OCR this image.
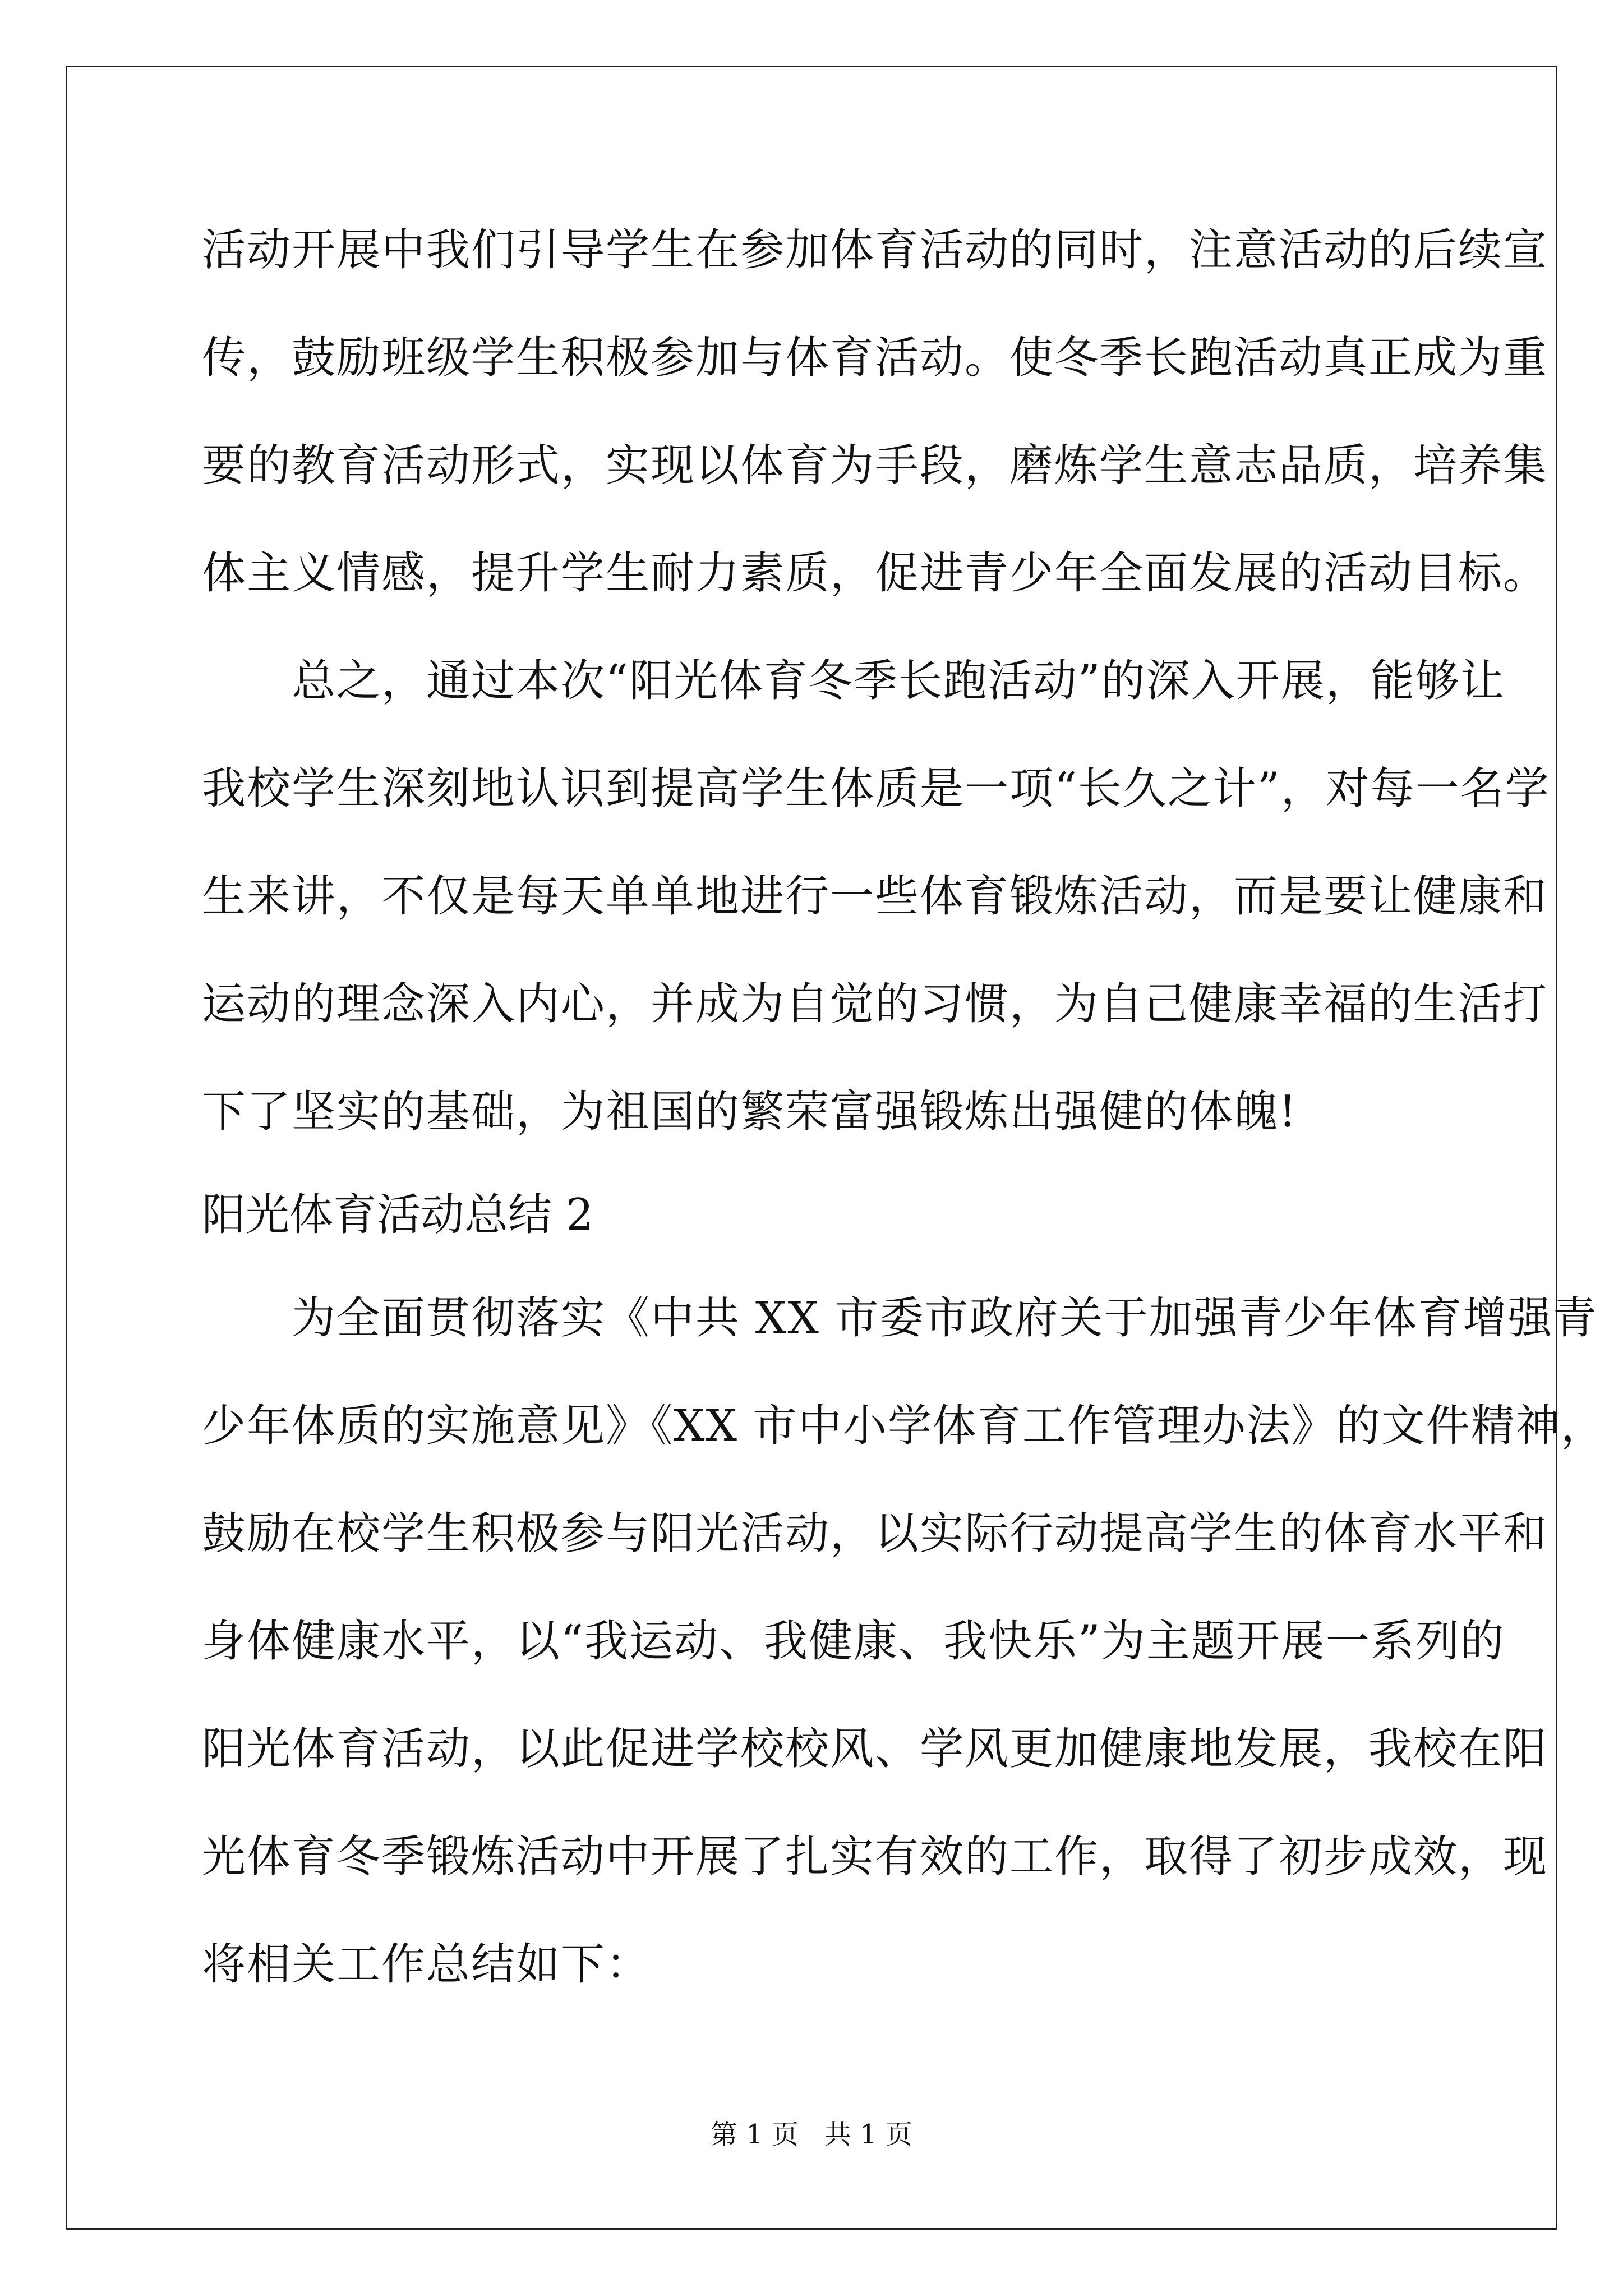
活动开展中我们引导学生在参加体育活动的同时，注意活动的后续宣
传，鼓励班级学生积极参加与体育活动。使冬季长跑活动真正成为重
要的教育活动形式，实现以体育为手段，磨炼学生意志品质，培养集
体主义情感，提升学生耐力素质，促进青少年全面发展的活动目标。
　　总之，通过本次“阳光体育冬季长跑活动”的深入开展，能够让
我校学生深刻地认识到提高学生体质是一项“长久之计”，对每一名学
生来讲，不仅是每天单单地进行一些体育锻炼活动，而是要让健康和
运动的理念深入内心，并成为自觉的习惯，为自己健康幸福的生活打
下了坚实的基础，为祖国的繁荣富强锻炼出强健的体魄!
阳光体育活动总结 2
　　为全面贯彻落实《中共 XX 市委市政府关于加强青少年体育增强青
少年体质的实施意见》《XX 市中小学体育工作管理办法》的文件精神，
鼓励在校学生积极参与阳光活动，以实际行动提高学生的体育水平和
身体健康水平，以“我运动、我健康、我快乐”为主题开展一系列的
阳光体育活动，以此促进学校校风、学风更加健康地发展，我校在阳
光体育冬季锻炼活动中开展了扎实有效的工作，取得了初步成效，现
将相关工作总结如下：
第 1 页   共 1 页
